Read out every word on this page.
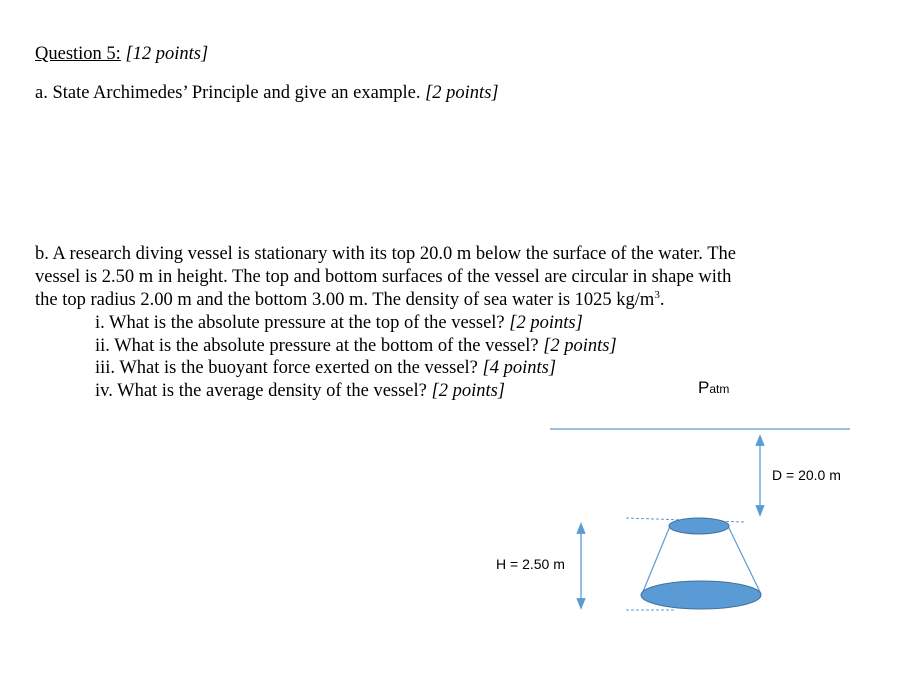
Question 5: [12 points]
a. State Archimedes’ Principle and give an example. [2 points]
b. A research diving vessel is stationary with its top 20.0 m below the surface of the water. The
vessel is 2.50 m in height. The top and bottom surfaces of the vessel are circular in shape with
the top radius 2.00 m and the bottom 3.00 m. The density of sea water is 1025 $kg/m^3$.
i. What is the absolute pressure at the top of the vessel? [2 points]
ii. What is the absolute pressure at the bottom of the vessel? [2 points]
iii. What is the buoyant force exerted on the vessel? [4 points]
iv. What is the average density of the vessel? [2 points]	Patm
D = 20.0 m
H = 2.50 m
